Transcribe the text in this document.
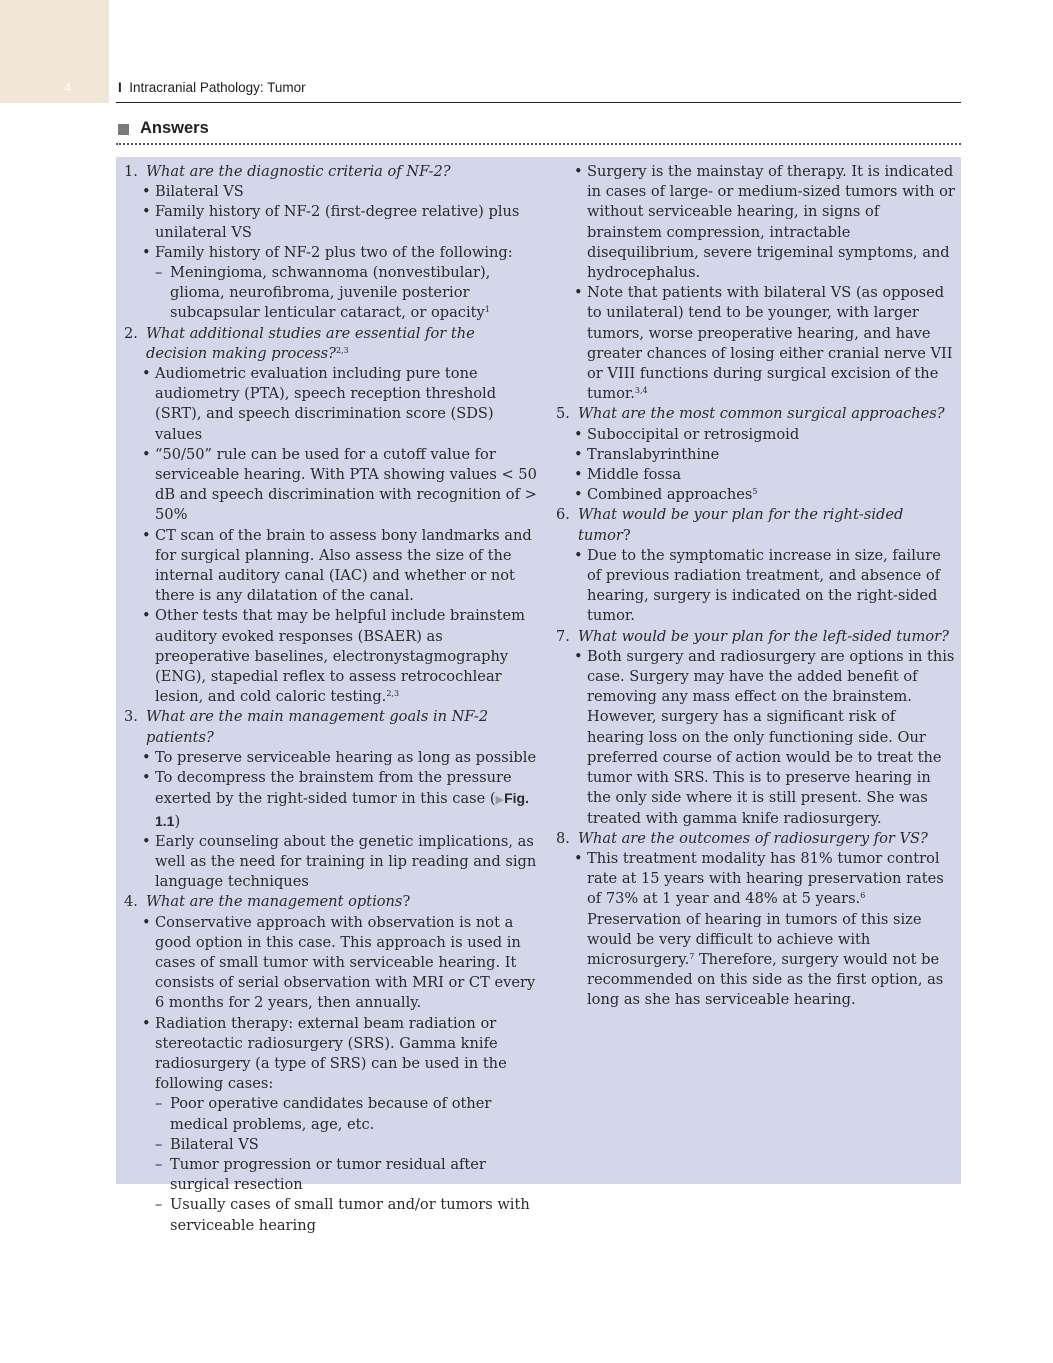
4	I Intracranial Pathology: Tumor
Answers
1. What are the diagnostic criteria of NF-2?
• Bilateral VS
• Family history of NF-2 (first-degree relative) plus unilateral VS
• Family history of NF-2 plus two of the following:
– Meningioma, schwannoma (nonvestibular), glioma, neurofibroma, juvenile posterior subcapsular lenticular cataract, or opacity$^1$
2. What additional studies are essential for the decision making process?$^{2,3}$
• Audiometric evaluation including pure tone audiometry (PTA), speech reception threshold (SRT), and speech discrimination score (SDS) values
• “50/50” rule can be used for a cutoff value for serviceable hearing. With PTA showing values < 50 dB and speech discrimination with recognition of > 50%
• CT scan of the brain to assess bony landmarks and for surgical planning. Also assess the size of the internal auditory canal (IAC) and whether or not there is any dilatation of the canal.
• Other tests that may be helpful include brainstem auditory evoked responses (BSAER) as preoperative baselines, electronystagmography (ENG), stapedial reflex to assess retrocochlear lesion, and cold caloric testing.$^{2,3}$
3. What are the main management goals in NF-2 patients?
• To preserve serviceable hearing as long as possible
• To decompress the brainstem from the pressure exerted by the right-sided tumor in this case (▶Fig. 1.1)
• Early counseling about the genetic implications, as well as the need for training in lip reading and sign language techniques
4. What are the management options?
• Conservative approach with observation is not a good option in this case. This approach is used in cases of small tumor with serviceable hearing. It consists of serial observation with MRI or CT every 6 months for 2 years, then annually.
• Radiation therapy: external beam radiation or stereotactic radiosurgery (SRS). Gamma knife radiosurgery (a type of SRS) can be used in the following cases:
– Poor operative candidates because of other medical problems, age, etc.
– Bilateral VS
– Tumor progression or tumor residual after surgical resection
– Usually cases of small tumor and/or tumors with serviceable hearing
• Surgery is the mainstay of therapy. It is indicated in cases of large- or medium-sized tumors with or without serviceable hearing, in signs of brainstem compression, intractable disequilibrium, severe trigeminal symptoms, and hydrocephalus.
• Note that patients with bilateral VS (as opposed to unilateral) tend to be younger, with larger tumors, worse preoperative hearing, and have greater chances of losing either cranial nerve VII or VIII functions during surgical excision of the tumor.$^{3,4}$
5. What are the most common surgical approaches?
• Suboccipital or retrosigmoid
• Translabyrinthine
• Middle fossa
• Combined approaches$^5$
6. What would be your plan for the right-sided tumor?
• Due to the symptomatic increase in size, failure of previous radiation treatment, and absence of hearing, surgery is indicated on the right-sided tumor.
7. What would be your plan for the left-sided tumor?
• Both surgery and radiosurgery are options in this case. Surgery may have the added benefit of removing any mass effect on the brainstem. However, surgery has a significant risk of hearing loss on the only functioning side. Our preferred course of action would be to treat the tumor with SRS. This is to preserve hearing in the only side where it is still present. She was treated with gamma knife radiosurgery.
8. What are the outcomes of radiosurgery for VS?
• This treatment modality has 81% tumor control rate at 15 years with hearing preservation rates of 73% at 1 year and 48% at 5 years.$^6$ Preservation of hearing in tumors of this size would be very difficult to achieve with microsurgery.$^7$ Therefore, surgery would not be recommended on this side as the first option, as long as she has serviceable hearing.
